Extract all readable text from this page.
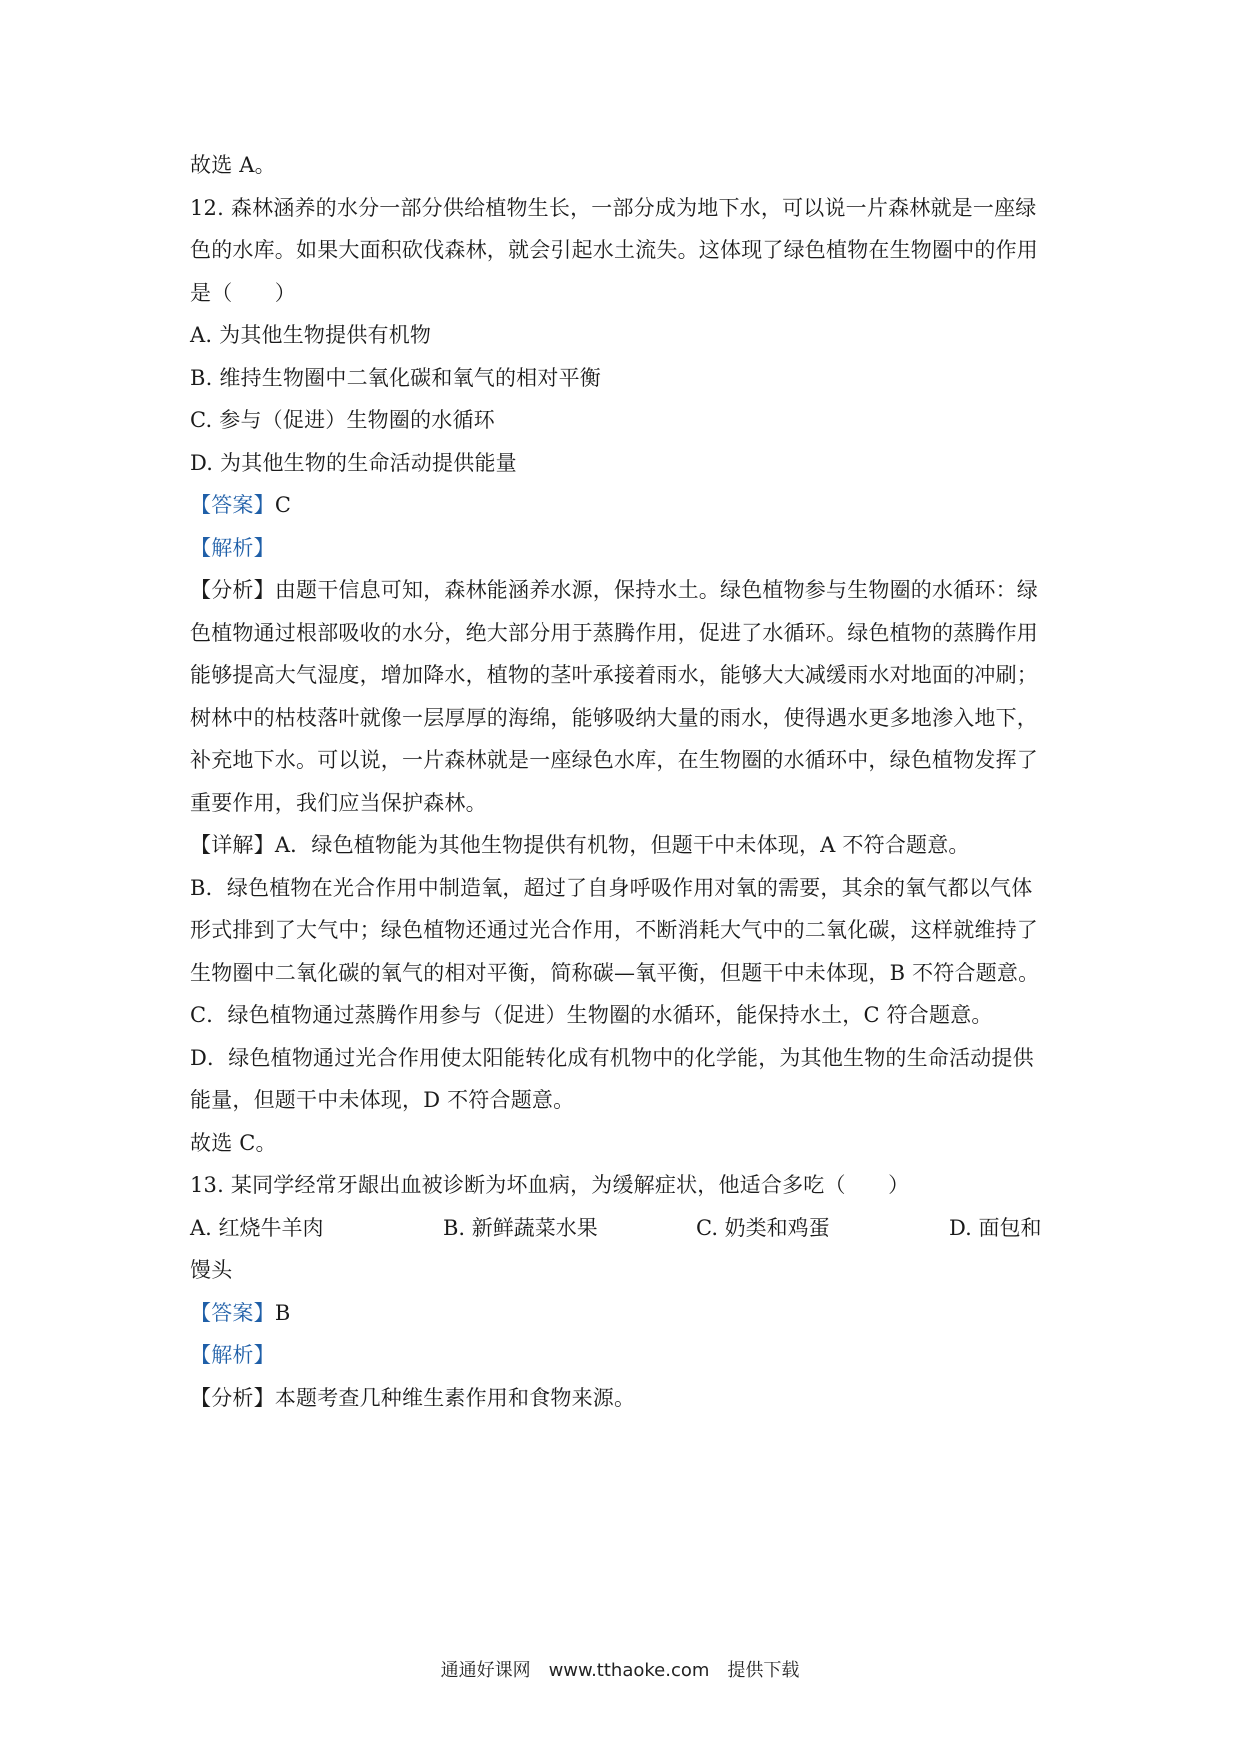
故选 A。
12. 森林涵养的水分一部分供给植物生长，一部分成为地下水，可以说一片森林就是一座绿
色的水库。如果大面积砍伐森林，就会引起水土流失。这体现了绿色植物在生物圈中的作用
是（　　）
A. 为其他生物提供有机物
B. 维持生物圈中二氧化碳和氧气的相对平衡
C. 参与（促进）生物圈的水循环
D. 为其他生物的生命活动提供能量
【答案】C
【解析】
【分析】由题干信息可知，森林能涵养水源，保持水土。绿色植物参与生物圈的水循环：绿
色植物通过根部吸收的水分，绝大部分用于蒸腾作用，促进了水循环。绿色植物的蒸腾作用
能够提高大气湿度，增加降水，植物的茎叶承接着雨水，能够大大减缓雨水对地面的冲刷；
树林中的枯枝落叶就像一层厚厚的海绵，能够吸纳大量的雨水，使得遇水更多地渗入地下，
补充地下水。可以说，一片森林就是一座绿色水库，在生物圈的水循环中，绿色植物发挥了
重要作用，我们应当保护森林。
【详解】A．绿色植物能为其他生物提供有机物，但题干中未体现，A 不符合题意。
B．绿色植物在光合作用中制造氧，超过了自身呼吸作用对氧的需要，其余的氧气都以气体
形式排到了大气中；绿色植物还通过光合作用，不断消耗大气中的二氧化碳，这样就维持了
生物圈中二氧化碳的氧气的相对平衡，简称碳—氧平衡，但题干中未体现，B 不符合题意。
C．绿色植物通过蒸腾作用参与（促进）生物圈的水循环，能保持水土，C 符合题意。
D．绿色植物通过光合作用使太阳能转化成有机物中的化学能，为其他生物的生命活动提供
能量，但题干中未体现，D 不符合题意。
故选 C。
13. 某同学经常牙龈出血被诊断为坏血病，为缓解症状，他适合多吃（　　）
A. 红烧牛羊肉	B. 新鲜蔬菜水果	C. 奶类和鸡蛋	D. 面包和
馒头
【答案】B
【解析】
【分析】本题考查几种维生素作用和食物来源。
通通好课网　www.tthaoke.com　提供下载
